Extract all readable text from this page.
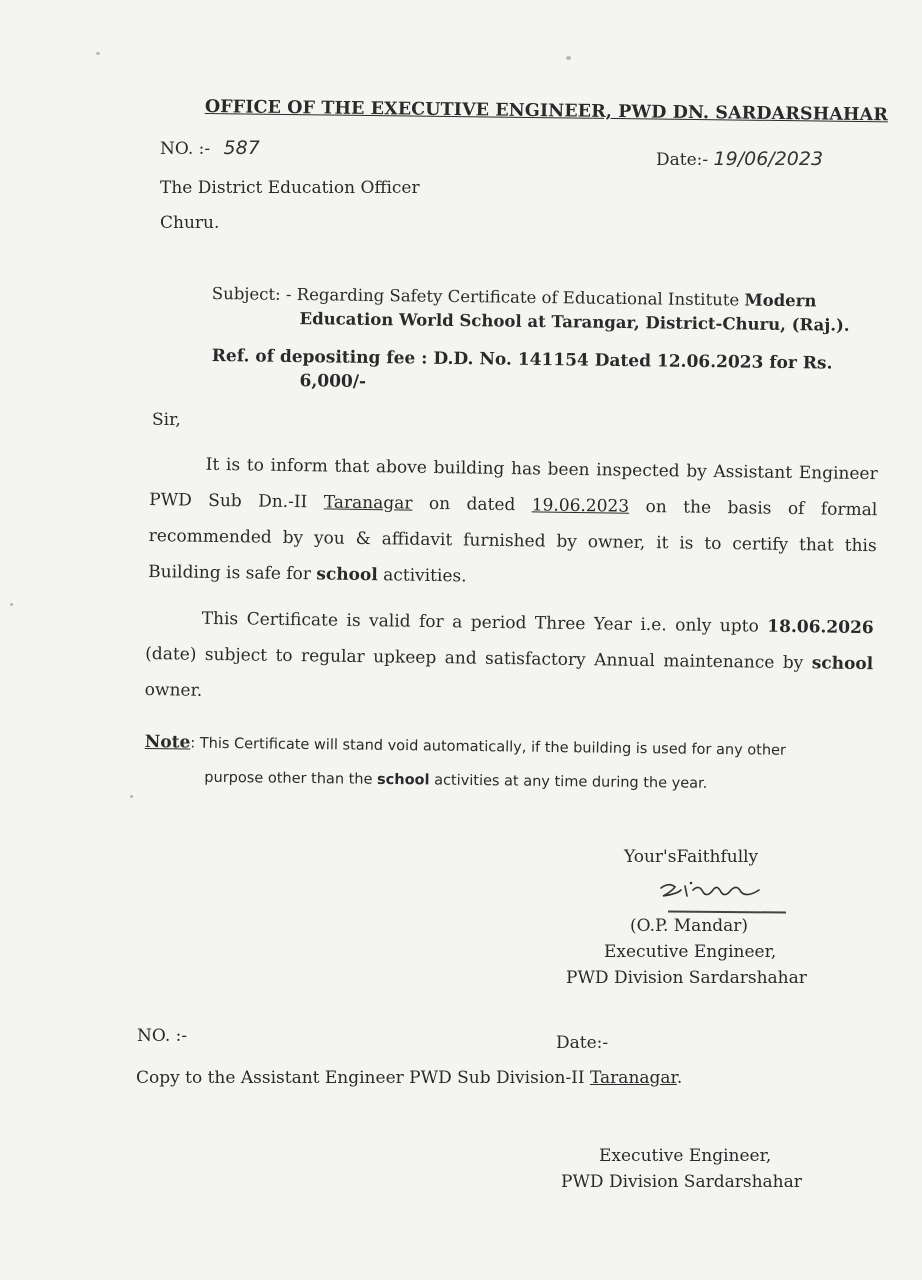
OFFICE OF THE EXECUTIVE ENGINEER, PWD DN. SARDARSHAHAR
NO. :- 587
Date:- 19/06/2023
The District Education Officer
Churu.
Subject: - Regarding Safety Certificate of Educational Institute Modern
Education World School at Tarangar, District-Churu, (Raj.).
Ref. of depositing fee : D.D. No. 141154 Dated 12.06.2023 for Rs.
6,000/-
Sir,
It is to inform that above building has been inspected by Assistant Engineer PWD Sub Dn.-II Taranagar on dated 19.06.2023 on the basis of formal recommended by you & affidavit furnished by owner, it is to certify that this Building is safe for school activities.
This Certificate is valid for a period Three Year i.e. only upto 18.06.2026 (date) subject to regular upkeep and satisfactory Annual maintenance by school owner.
Note: This Certificate will stand void automatically, if the building is used for any other
purpose other than the school activities at any time during the year.
Your'sFaithfully
(O.P. Mandar)
Executive Engineer,
PWD Division Sardarshahar
NO. :-	Date:-
Copy to the Assistant Engineer PWD Sub Division-II Taranagar.
Executive Engineer,
PWD Division Sardarshahar
